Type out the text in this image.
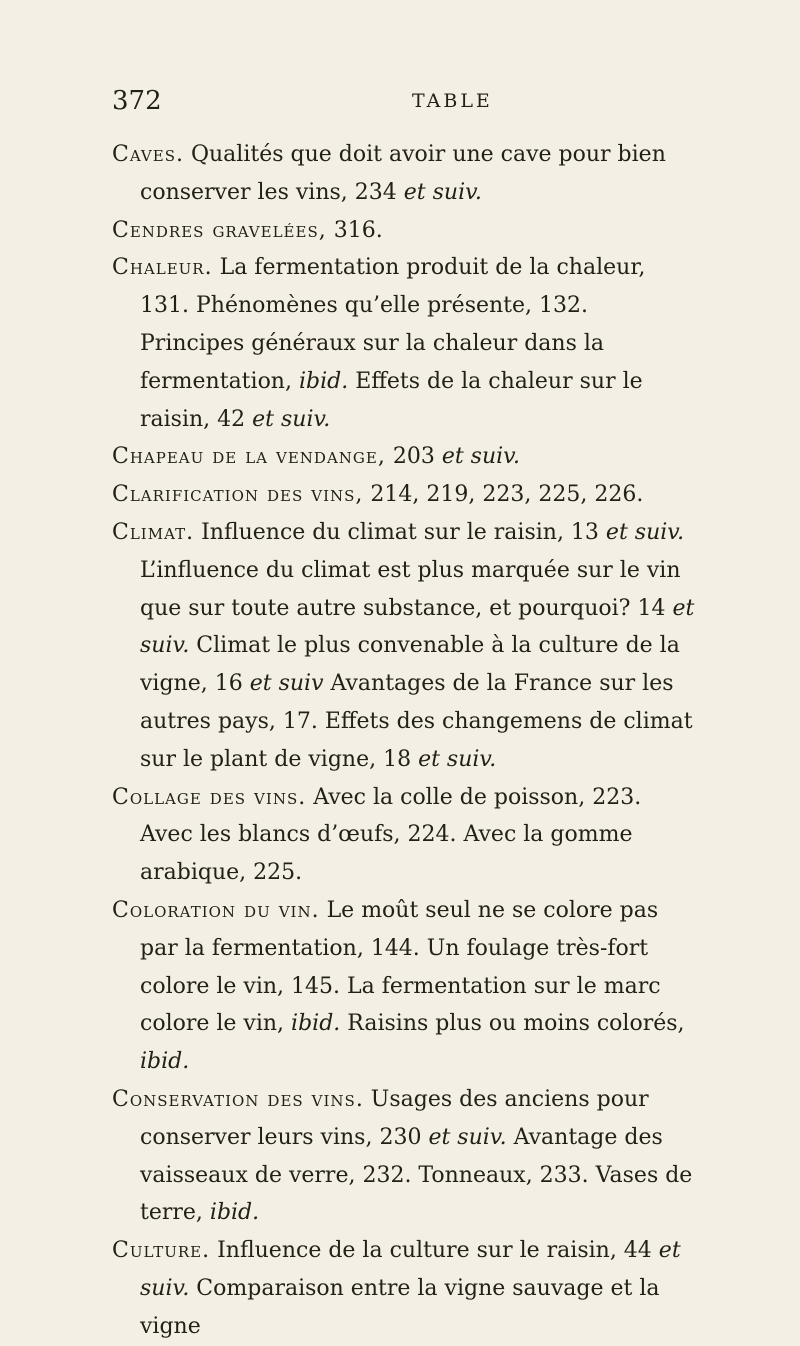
372	TABLE

Caves. Qualités que doit avoir une cave pour bien conserver les vins, 234 et suiv.

Cendres gravelées, 316.

Chaleur. La fermentation produit de la chaleur, 131. Phénomènes qu’elle présente, 132. Principes généraux sur la chaleur dans la fermentation, ibid. Effets de la chaleur sur le raisin, 42 et suiv.

Chapeau de la vendange, 203 et suiv.

Clarification des vins, 214, 219, 223, 225, 226.

Climat. Influence du climat sur le raisin, 13 et suiv. L’influence du climat est plus marquée sur le vin que sur toute autre substance, et pourquoi? 14 et suiv. Climat le plus convenable à la culture de la vigne, 16 et suiv Avantages de la France sur les autres pays, 17. Effets des changemens de climat sur le plant de vigne, 18 et suiv.

Collage des vins. Avec la colle de poisson, 223. Avec les blancs d’œufs, 224. Avec la gomme arabique, 225.

Coloration du vin. Le moût seul ne se colore pas par la fermentation, 144. Un foulage très-fort colore le vin, 145. La fermentation sur le marc colore le vin, ibid. Raisins plus ou moins colorés, ibid.

Conservation des vins. Usages des anciens pour conserver leurs vins, 230 et suiv. Avantage des vaisseaux de verre, 232. Tonneaux, 233. Vases de terre, ibid.

Culture. Influence de la culture sur le raisin, 44 et suiv. Comparaison entre la vigne sauvage et la vigne
